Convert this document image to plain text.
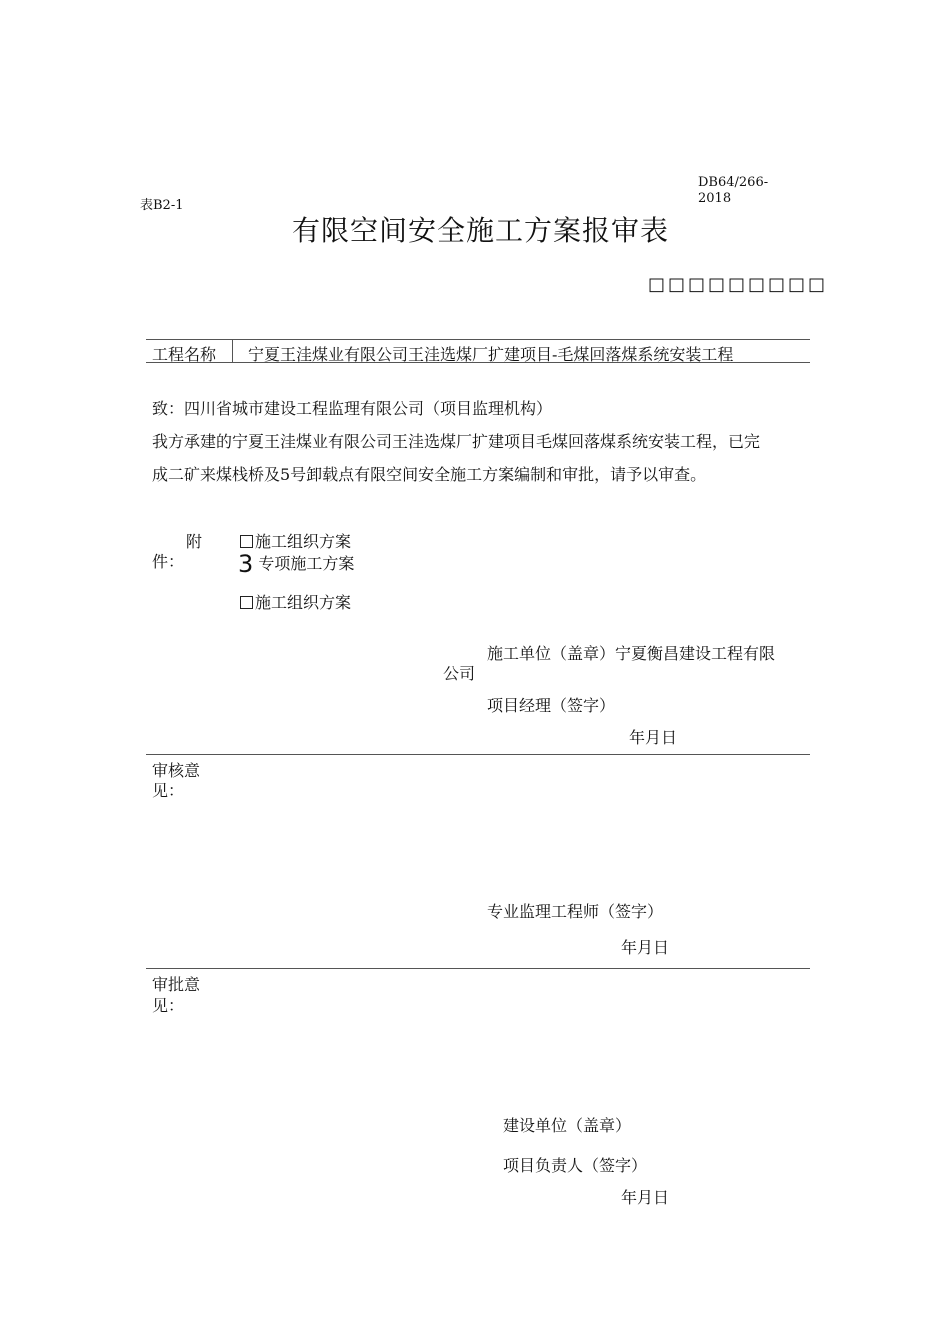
DB64/266-
2018
表B2-1
有限空间安全施工方案报审表
□□□□□□□□□
工程名称 宁夏王洼煤业有限公司王洼选煤厂扩建项目-毛煤回落煤系统安装工程
致：四川省城市建设工程监理有限公司（项目监理机构）
我方承建的宁夏王洼煤业有限公司王洼选煤厂扩建项目毛煤回落煤系统安装工程，已完
成二矿来煤栈桥及5号卸载点有限空间安全施工方案编制和审批，请予以审查。
附
件：
施工组织方案
3 专项施工方案
施工组织方案
施工单位（盖章）宁夏衡昌建设工程有限
公司
项目经理（签字）
年月日
审核意
见：
专业监理工程师（签字）
年月日
审批意
见：
建设单位（盖章）
项目负责人（签字）
年月日
